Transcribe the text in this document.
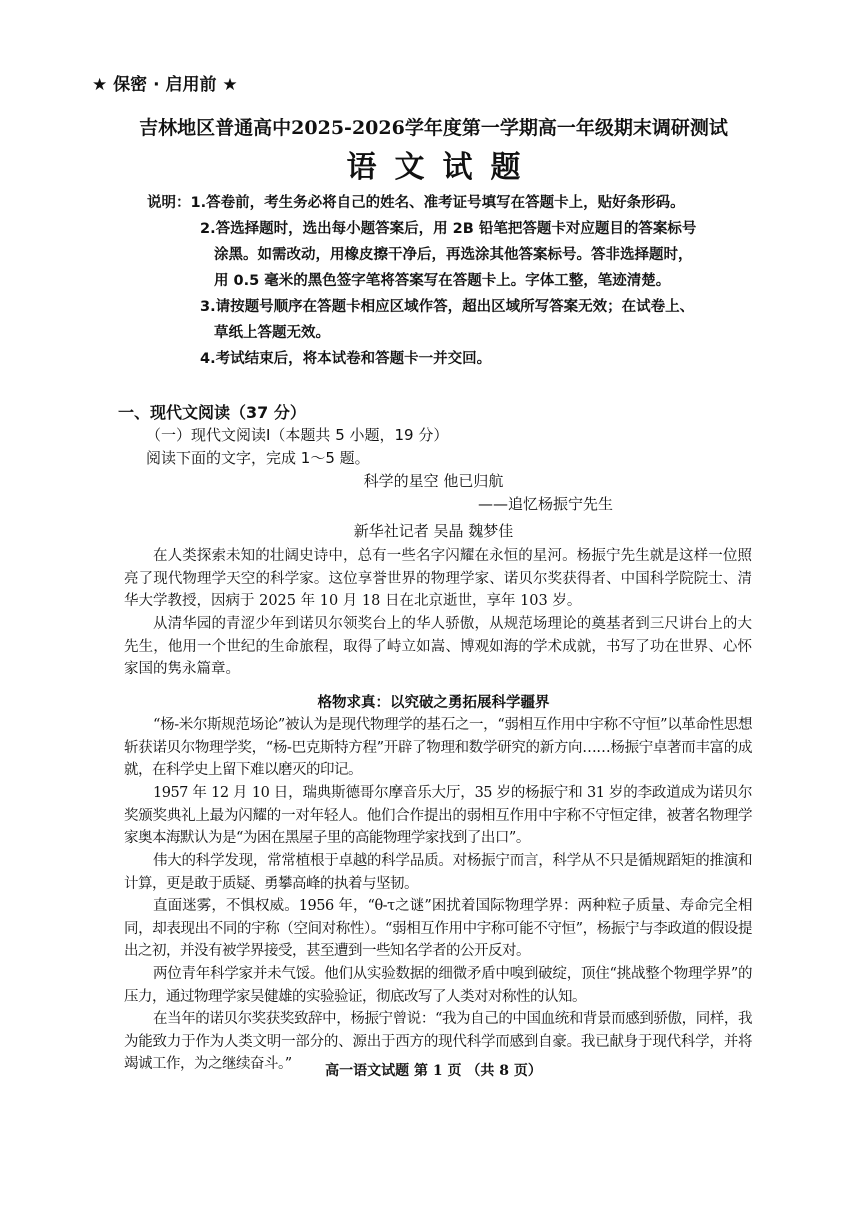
★ 保密 · 启用前 ★
吉林地区普通高中2025-2026学年度第一学期高一年级期末调研测试
语文试题
说明：1.答卷前，考生务必将自己的姓名、准考证号填写在答题卡上，贴好条形码。
2.答选择题时，选出每小题答案后，用 2B 铅笔把答题卡对应题目的答案标号
涂黑。如需改动，用橡皮擦干净后，再选涂其他答案标号。答非选择题时，
用 0.5 毫米的黑色签字笔将答案写在答题卡上。字体工整，笔迹清楚。
3.请按题号顺序在答题卡相应区域作答，超出区域所写答案无效；在试卷上、
草纸上答题无效。
4.考试结束后，将本试卷和答题卡一并交回。
一、现代文阅读（37 分）
（一）现代文阅读Ⅰ（本题共 5 小题，19 分）
阅读下面的文字，完成 1～5 题。
科学的星空 他已归航
——追忆杨振宁先生
新华社记者 吴晶 魏梦佳
在人类探索未知的壮阔史诗中，总有一些名字闪耀在永恒的星河。杨振宁先生就是这样一位照亮了现代物理学天空的科学家。这位享誉世界的物理学家、诺贝尔奖获得者、中国科学院院士、清华大学教授，因病于 2025 年 10 月 18 日在北京逝世，享年 103 岁。
从清华园的青涩少年到诺贝尔领奖台上的华人骄傲，从规范场理论的奠基者到三尺讲台上的大先生，他用一个世纪的生命旅程，取得了峙立如嵩、博观如海的学术成就，书写了功在世界、心怀家国的隽永篇章。
格物求真：以究破之勇拓展科学疆界
“杨-米尔斯规范场论”被认为是现代物理学的基石之一，“弱相互作用中宇称不守恒”以革命性思想斩获诺贝尔物理学奖，“杨-巴克斯特方程”开辟了物理和数学研究的新方向……杨振宁卓著而丰富的成就，在科学史上留下难以磨灭的印记。
1957 年 12 月 10 日，瑞典斯德哥尔摩音乐大厅，35 岁的杨振宁和 31 岁的李政道成为诺贝尔奖颁奖典礼上最为闪耀的一对年轻人。他们合作提出的弱相互作用中宇称不守恒定律，被著名物理学家奥本海默认为是“为困在黑屋子里的高能物理学家找到了出口”。
伟大的科学发现，常常植根于卓越的科学品质。对杨振宁而言，科学从不只是循规蹈矩的推演和计算，更是敢于质疑、勇攀高峰的执着与坚韧。
直面迷雾，不惧权威。1956 年，“θ-τ之谜”困扰着国际物理学界：两种粒子质量、寿命完全相同，却表现出不同的宇称（空间对称性）。“弱相互作用中宇称可能不守恒”，杨振宁与李政道的假设提出之初，并没有被学界接受，甚至遭到一些知名学者的公开反对。
两位青年科学家并未气馁。他们从实验数据的细微矛盾中嗅到破绽，顶住“挑战整个物理学界”的压力，通过物理学家吴健雄的实验验证，彻底改写了人类对对称性的认知。
在当年的诺贝尔奖获奖致辞中，杨振宁曾说：“我为自己的中国血统和背景而感到骄傲，同样，我为能致力于作为人类文明一部分的、源出于西方的现代科学而感到自豪。我已献身于现代科学，并将竭诚工作，为之继续奋斗。”	高一语文试题 第 1 页 （共 8 页）
